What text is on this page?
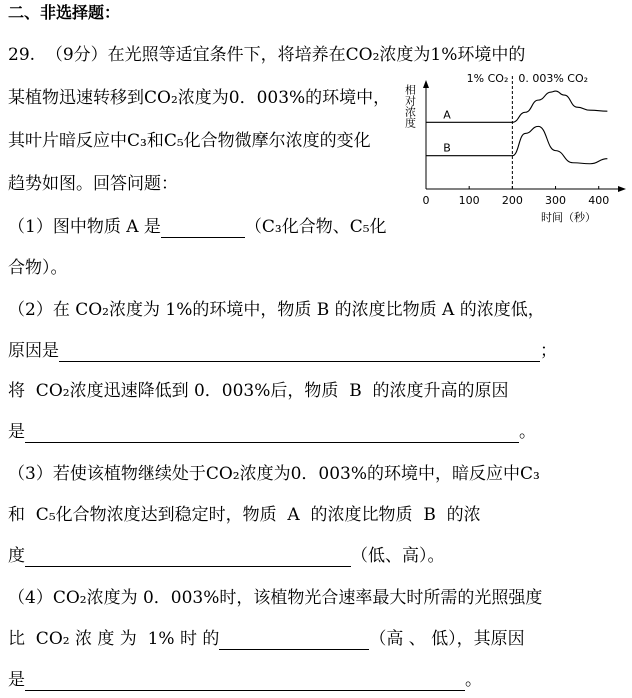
二、非选择题：
29.  （9分）在光照等适宜条件下，将培养在CO₂浓度为1%环境中的
某植物迅速转移到CO₂浓度为0．003%的环境中，
其叶片暗反应中C₃和C₅化合物微摩尔浓度的变化
趋势如图。回答问题：
相对浓度
0	100 200 300 400
时间（秒）
1% CO₂ 0. 003% CO₂
A
B
（1）图中物质 A 是	（C₃化合物、C₅化
合物）。
（2）在 CO₂浓度为 1%的环境中，物质 B 的浓度比物质 A 的浓度低，
原因是	；
将  CO₂浓度迅速降低到 0．003%后，物质  B  的浓度升高的原因
是	。
（3）若使该植物继续处于CO₂浓度为0．003%的环境中，暗反应中C₃
和  C₅化合物浓度达到稳定时，物质  A  的浓度比物质  B  的浓
度	（低、高）。
（4）CO₂浓度为 0．003%时，该植物光合速率最大时所需的光照强度
比  CO₂ 浓 度 为  1% 时 的	（高 、 低），其原因
是	。
